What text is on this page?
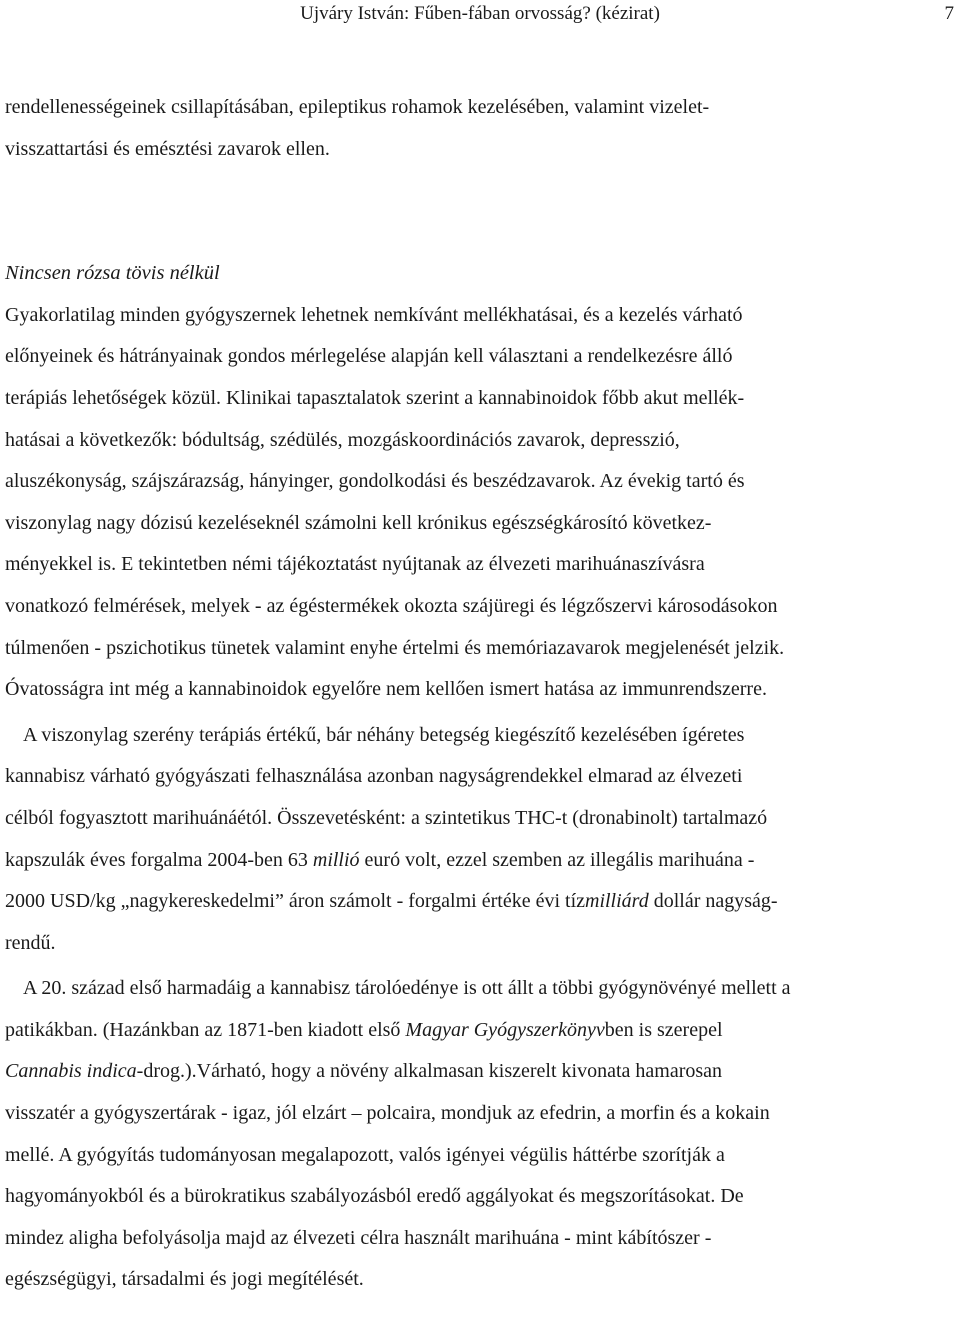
Ujváry István: Fűben-fában orvosság? (kézirat)	7
rendellenességeinek csillapításában, epileptikus rohamok kezelésében, valamint vizelet-
visszattartási és emésztési zavarok ellen.
Nincsen rózsa tövis nélkül
Gyakorlatilag minden gyógyszernek lehetnek nemkívánt mellékhatásai, és a kezelés várható
előnyeinek és hátrányainak gondos mérlegelése alapján kell választani a rendelkezésre álló
terápiás lehetőségek közül. Klinikai tapasztalatok szerint a kannabinoidok főbb akut mellék-
hatásai a következők: bódultság, szédülés, mozgáskoordinációs zavarok, depresszió,
aluszékonyság, szájszárazság, hányinger, gondolkodási és beszédzavarok. Az évekig tartó és
viszonylag nagy dózisú kezeléseknél számolni kell krónikus egészségkárosító következ-
ményekkel is. E tekintetben némi tájékoztatást nyújtanak az élvezeti marihuánaszívásra
vonatkozó felmérések, melyek - az égéstermékek okozta szájüregi és légzőszervi károsodásokon
túlmenően - pszichotikus tünetek valamint enyhe értelmi és memóriazavarok megjelenését jelzik.
Óvatosságra int még a kannabinoidok egyelőre nem kellően ismert hatása az immunrendszerre.
A viszonylag szerény terápiás értékű, bár néhány betegség kiegészítő kezelésében ígéretes
kannabisz várható gyógyászati felhasználása azonban nagyságrendekkel elmarad az élvezeti
célból fogyasztott marihuánáétól. Összevetésként: a szintetikus THC-t (dronabinolt) tartalmazó
kapszulák éves forgalma 2004-ben 63 millió euró volt, ezzel szemben az illegális marihuána -
2000 USD/kg „nagykereskedelmi” áron számolt - forgalmi értéke évi tízmilliárd dollár nagyság-
rendű.
A 20. század első harmadáig a kannabisz tárolóedénye is ott állt a többi gyógynövényé mellett a
patikákban. (Hazánkban az 1871-ben kiadott első Magyar Gyógyszerkönyvben is szerepel
Cannabis indica-drog.).Várható, hogy a növény alkalmasan kiszerelt kivonata hamarosan
visszatér a gyógyszertárak - igaz, jól elzárt – polcaira, mondjuk az efedrin, a morfin és a kokain
mellé. A gyógyítás tudományosan megalapozott, valós igényei végülis háttérbe szorítják a
hagyományokból és a bürokratikus szabályozásból eredő aggályokat és megszorításokat. De
mindez aligha befolyásolja majd az élvezeti célra használt marihuána - mint kábítószer -
egészségügyi, társadalmi és jogi megítélését.
